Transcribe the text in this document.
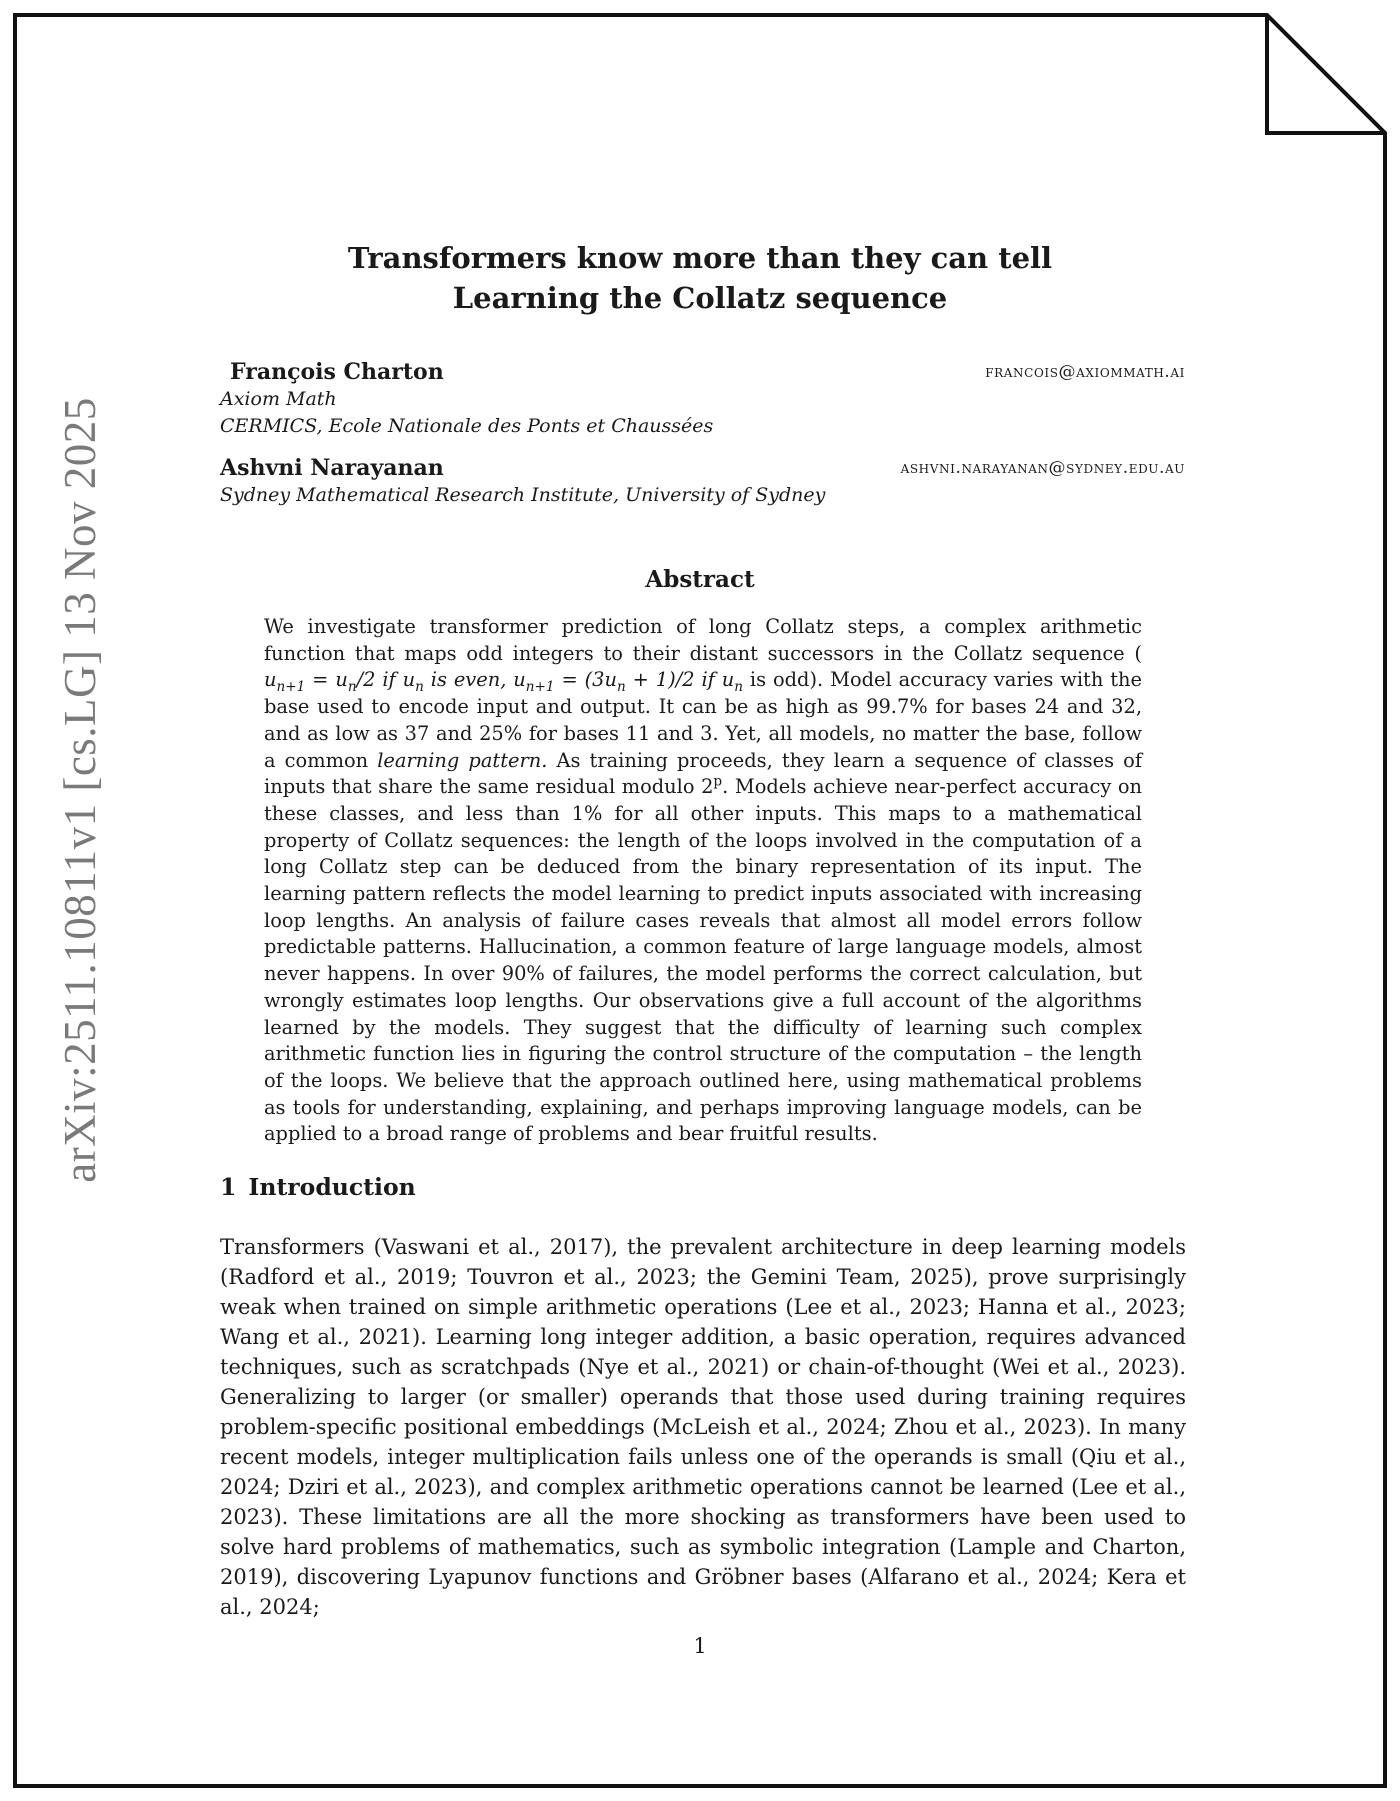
arXiv:2511.10811v1 [cs.LG] 13 Nov 2025
Transformers know more than they can tell
Learning the Collatz sequence
François Charton	francois@axiommath.ai
Axiom Math
CERMICS, Ecole Nationale des Ponts et Chaussées
Ashvni Narayanan	ashvni.narayanan@sydney.edu.au
Sydney Mathematical Research Institute, University of Sydney
Abstract
We investigate transformer prediction of long Collatz steps, a complex arithmetic function that maps odd integers to their distant successors in the Collatz sequence ( $u_{n+1} = u_n/2$ if $u_n$ is even, $u_{n+1} = (3u_n + 1)/2$ if $u_n$ is odd). Model accuracy varies with the base used to encode input and output. It can be as high as 99.7% for bases 24 and 32, and as low as 37 and 25% for bases 11 and 3. Yet, all models, no matter the base, follow a common learning pattern. As training proceeds, they learn a sequence of classes of inputs that share the same residual modulo 2$^p$. Models achieve near-perfect accuracy on these classes, and less than 1% for all other inputs. This maps to a mathematical property of Collatz sequences: the length of the loops involved in the computation of a long Collatz step can be deduced from the binary representation of its input. The learning pattern reflects the model learning to predict inputs associated with increasing loop lengths. An analysis of failure cases reveals that almost all model errors follow predictable patterns. Hallucination, a common feature of large language models, almost never happens. In over 90% of failures, the model performs the correct calculation, but wrongly estimates loop lengths. Our observations give a full account of the algorithms learned by the models. They suggest that the difficulty of learning such complex arithmetic function lies in figuring the control structure of the computation – the length of the loops. We believe that the approach outlined here, using mathematical problems as tools for understanding, explaining, and perhaps improving language models, can be applied to a broad range of problems and bear fruitful results.
1 Introduction
Transformers (Vaswani et al., 2017), the prevalent architecture in deep learning models (Radford et al., 2019; Touvron et al., 2023; the Gemini Team, 2025), prove surprisingly weak when trained on simple arithmetic operations (Lee et al., 2023; Hanna et al., 2023; Wang et al., 2021). Learning long integer addition, a basic operation, requires advanced techniques, such as scratchpads (Nye et al., 2021) or chain-of-thought (Wei et al., 2023). Generalizing to larger (or smaller) operands that those used during training requires problem-specific positional embeddings (McLeish et al., 2024; Zhou et al., 2023). In many recent models, integer multiplication fails unless one of the operands is small (Qiu et al., 2024; Dziri et al., 2023), and complex arithmetic operations cannot be learned (Lee et al., 2023). These limitations are all the more shocking as transformers have been used to solve hard problems of mathematics, such as symbolic integration (Lample and Charton, 2019), discovering Lyapunov functions and Gröbner bases (Alfarano et al., 2024; Kera et al., 2024;
1
